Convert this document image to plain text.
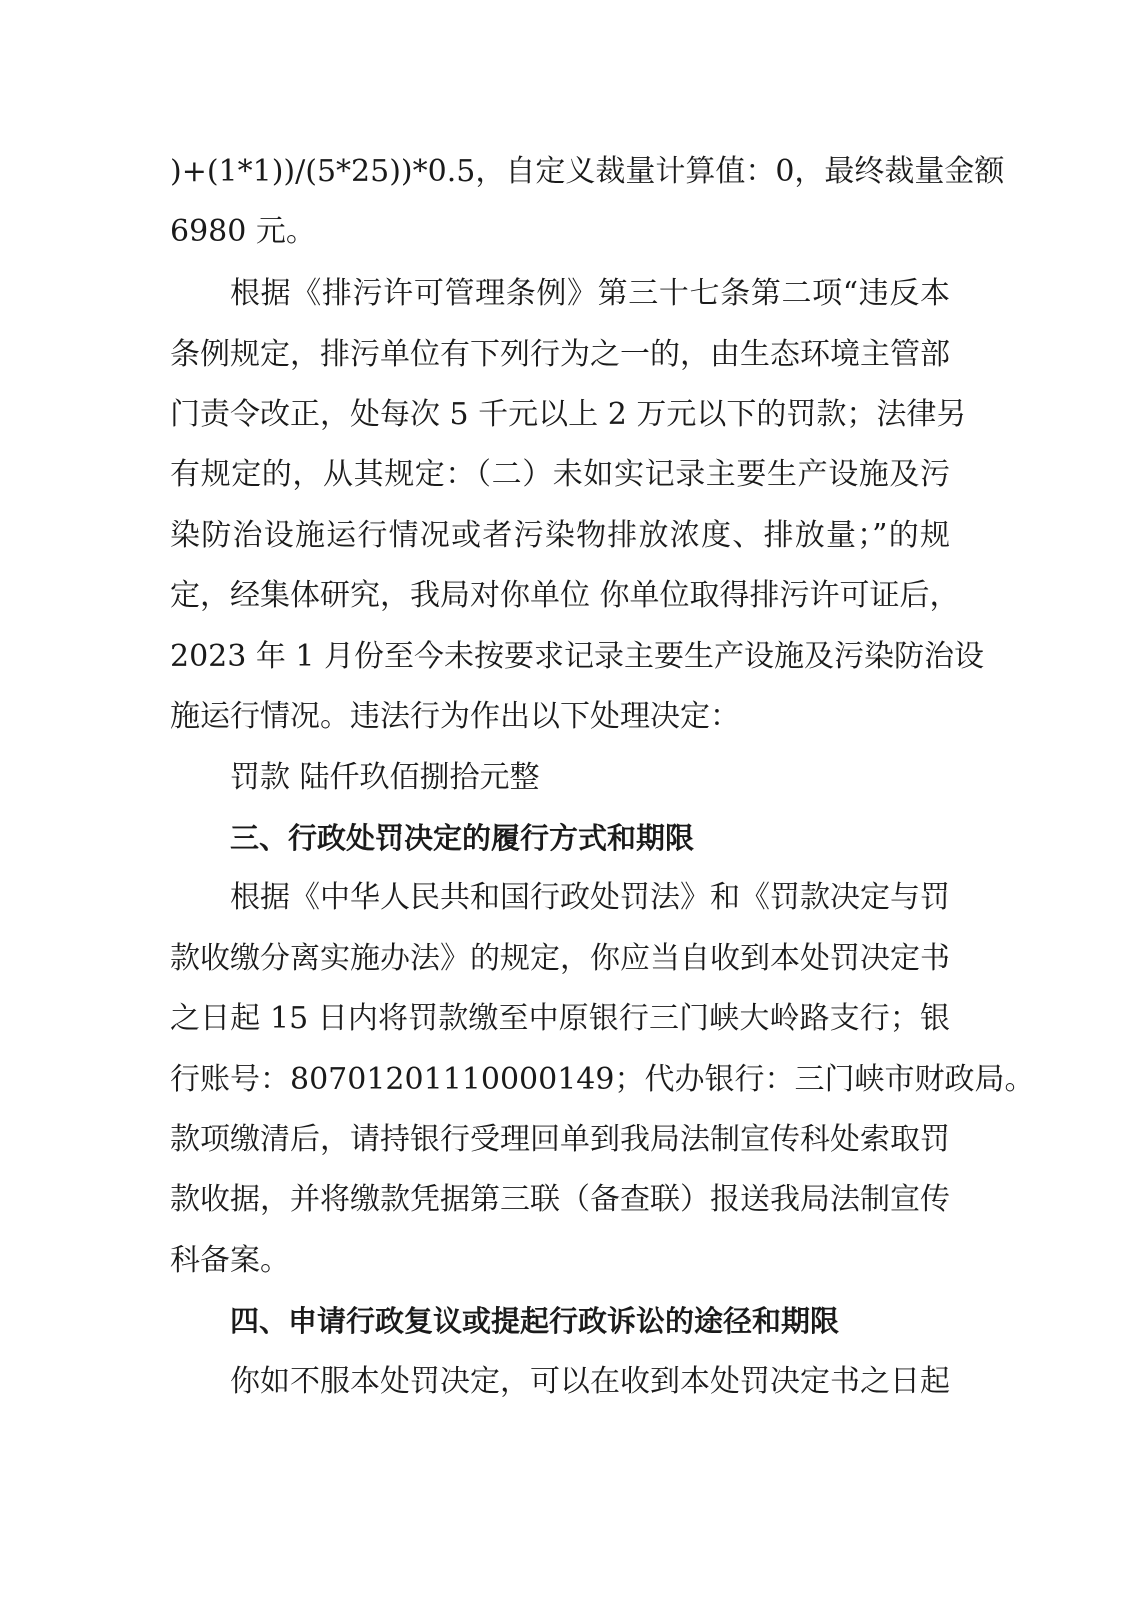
)+(1*1))/(5*25))*0.5，自定义裁量计算值：0，最终裁量金额
6980 元。
根据《排污许可管理条例》第三十七条第二项“违反本
条例规定，排污单位有下列行为之一的，由生态环境主管部
门责令改正，处每次 5 千元以上 2 万元以下的罚款；法律另
有规定的，从其规定：（二）未如实记录主要生产设施及污
染防治设施运行情况或者污染物排放浓度、排放量；”的规
定，经集体研究，我局对你单位 你单位取得排污许可证后，
2023 年 1 月份至今未按要求记录主要生产设施及污染防治设
施运行情况。违法行为作出以下处理决定：
罚款 陆仟玖佰捌拾元整
三、行政处罚决定的履行方式和期限
根据《中华人民共和国行政处罚法》和《罚款决定与罚
款收缴分离实施办法》的规定，你应当自收到本处罚决定书
之日起 15 日内将罚款缴至中原银行三门峡大岭路支行；银
行账号：80701201110000149；代办银行：三门峡市财政局。
款项缴清后，请持银行受理回单到我局法制宣传科处索取罚
款收据，并将缴款凭据第三联（备查联）报送我局法制宣传
科备案。
四、申请行政复议或提起行政诉讼的途径和期限
你如不服本处罚决定，可以在收到本处罚决定书之日起
